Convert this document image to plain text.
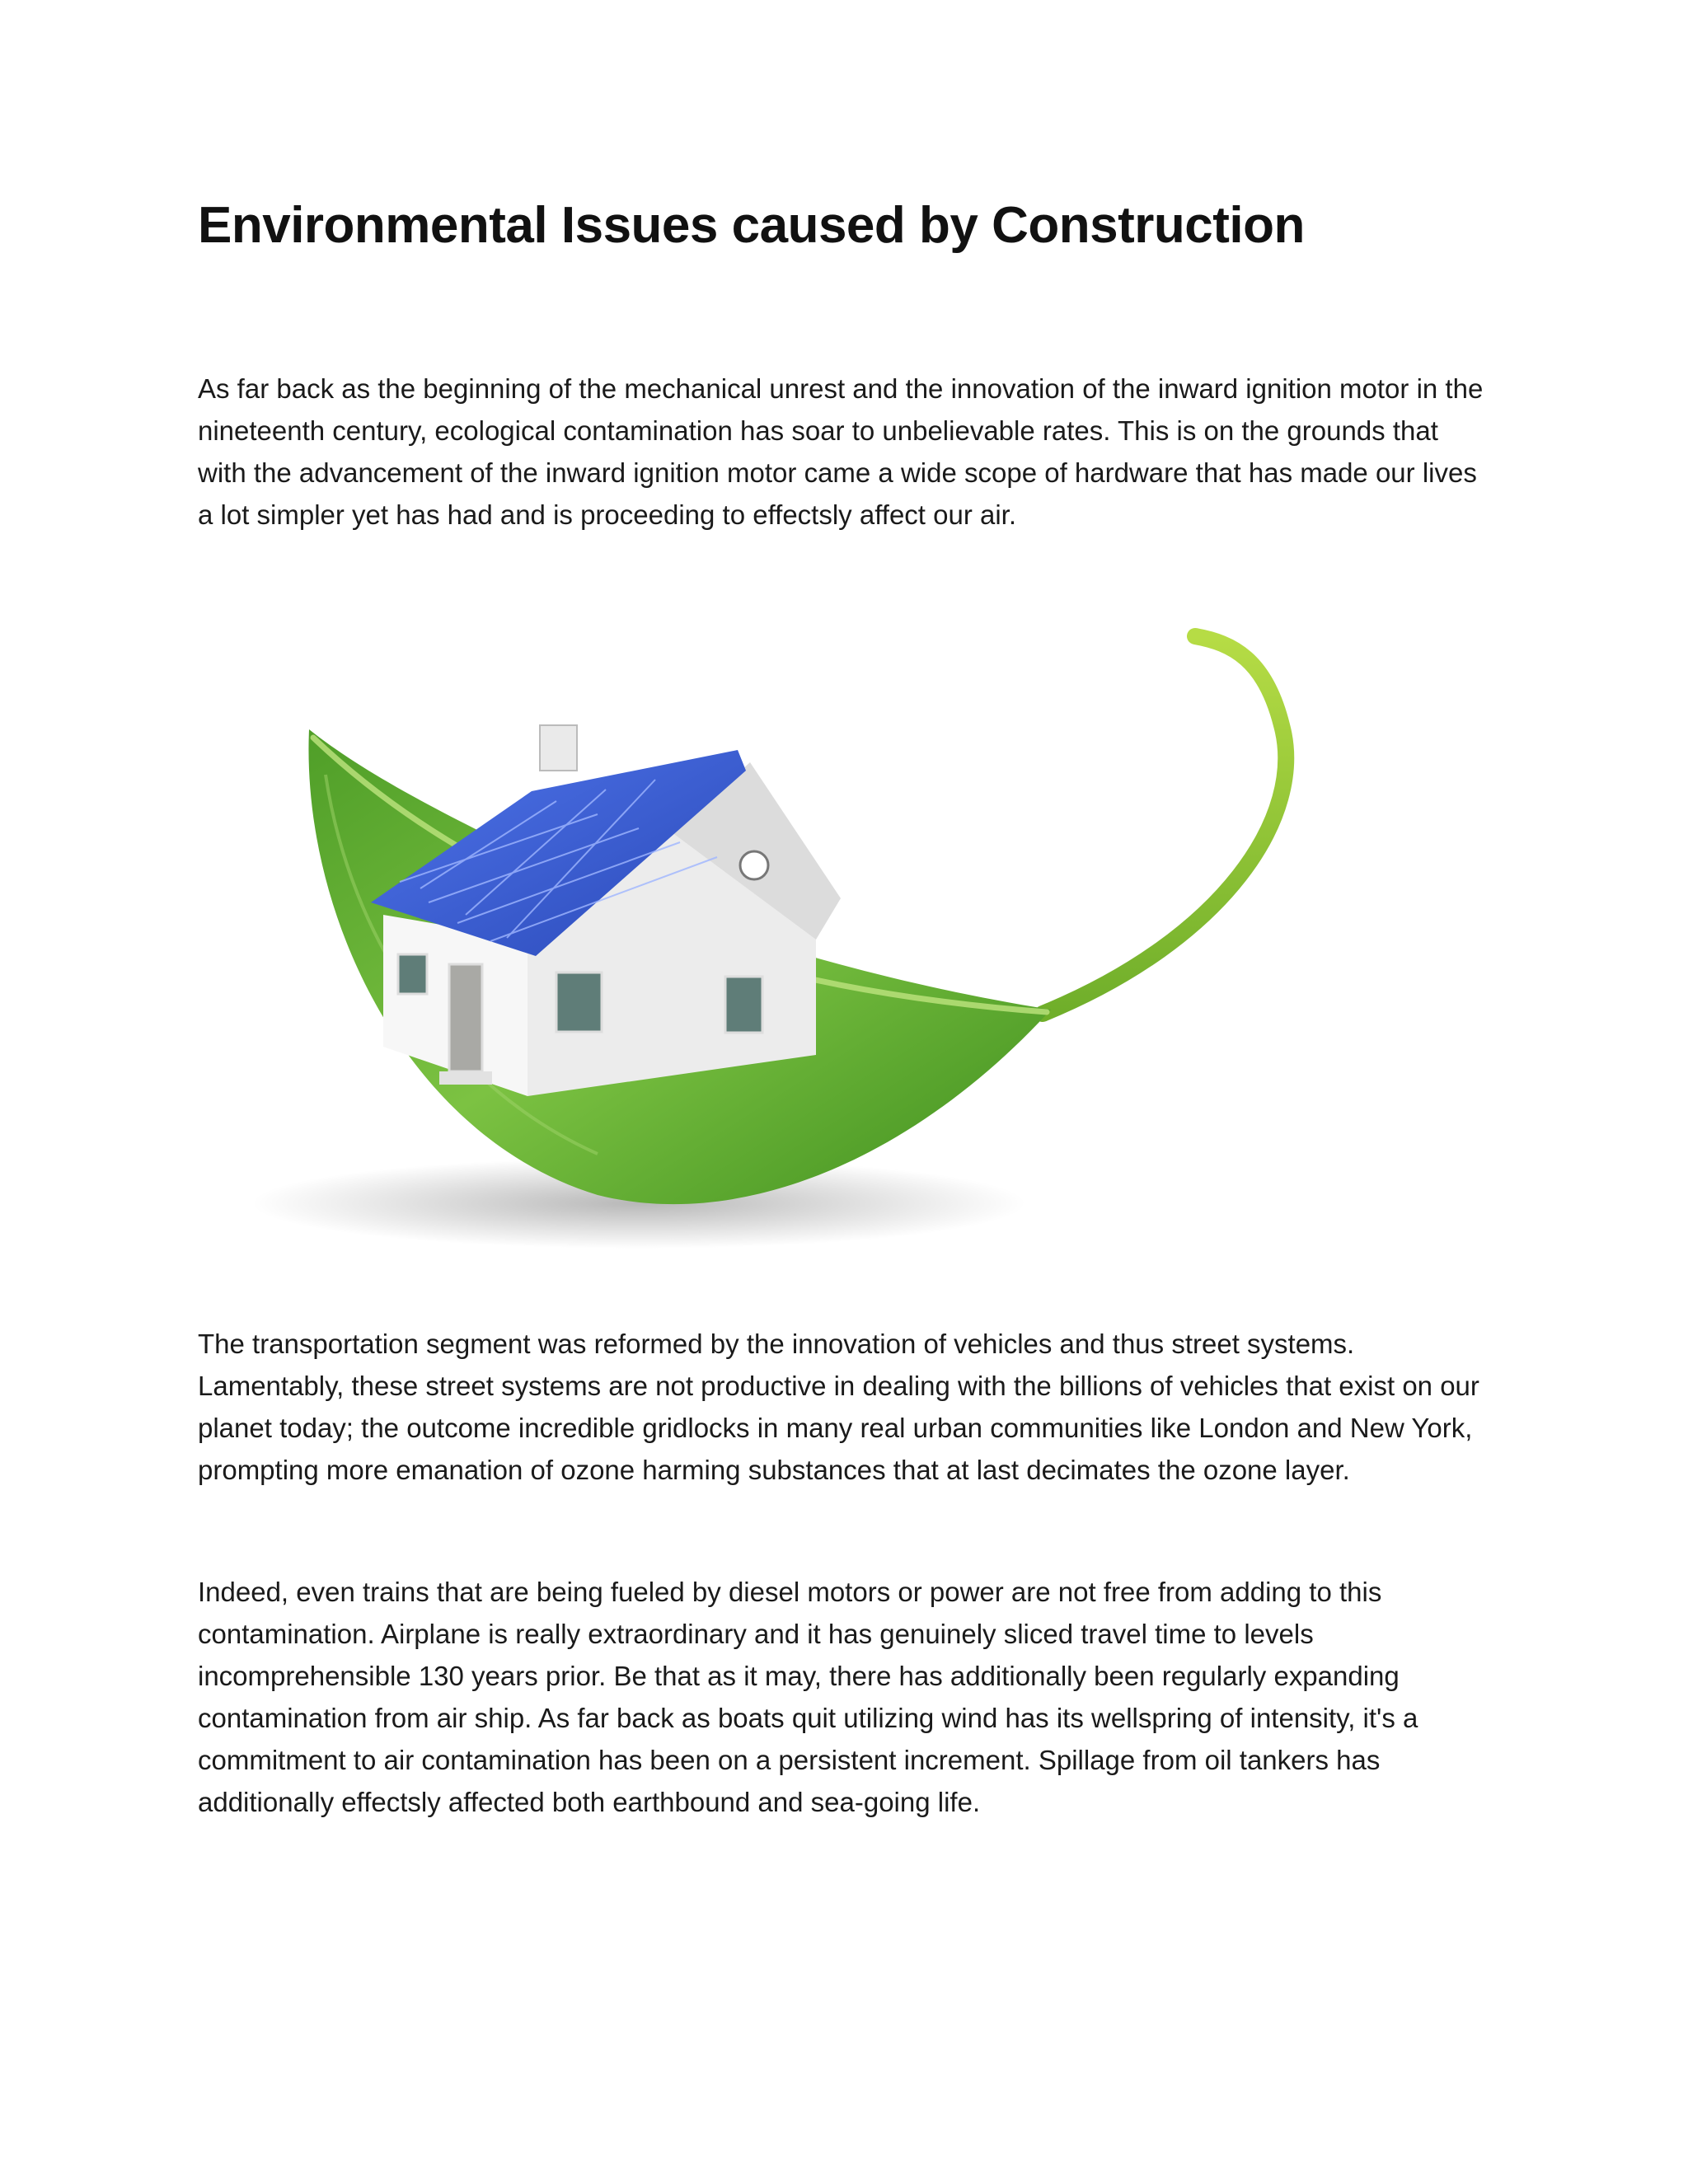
Environmental Issues caused by Construction

As far back as the beginning of the mechanical unrest and the innovation of the inward ignition motor in the nineteenth century, ecological contamination has soar to unbelievable rates. This is on the grounds that with the advancement of the inward ignition motor came a wide scope of hardware that has made our lives a lot simpler yet has had and is proceeding to effectsly affect our air.

The transportation segment was reformed by the innovation of vehicles and thus street systems. Lamentably, these street systems are not productive in dealing with the billions of vehicles that exist on our planet today; the outcome incredible gridlocks in many real urban communities like London and New York, prompting more emanation of ozone harming substances that at last decimates the ozone layer.

Indeed, even trains that are being fueled by diesel motors or power are not free from adding to this contamination. Airplane is really extraordinary and it has genuinely sliced travel time to levels incomprehensible 130 years prior. Be that as it may, there has additionally been regularly expanding contamination from air ship. As far back as boats quit utilizing wind has its wellspring of intensity, it's a commitment to air contamination has been on a persistent increment. Spillage from oil tankers has additionally effectsly affected both earthbound and sea-going life.
